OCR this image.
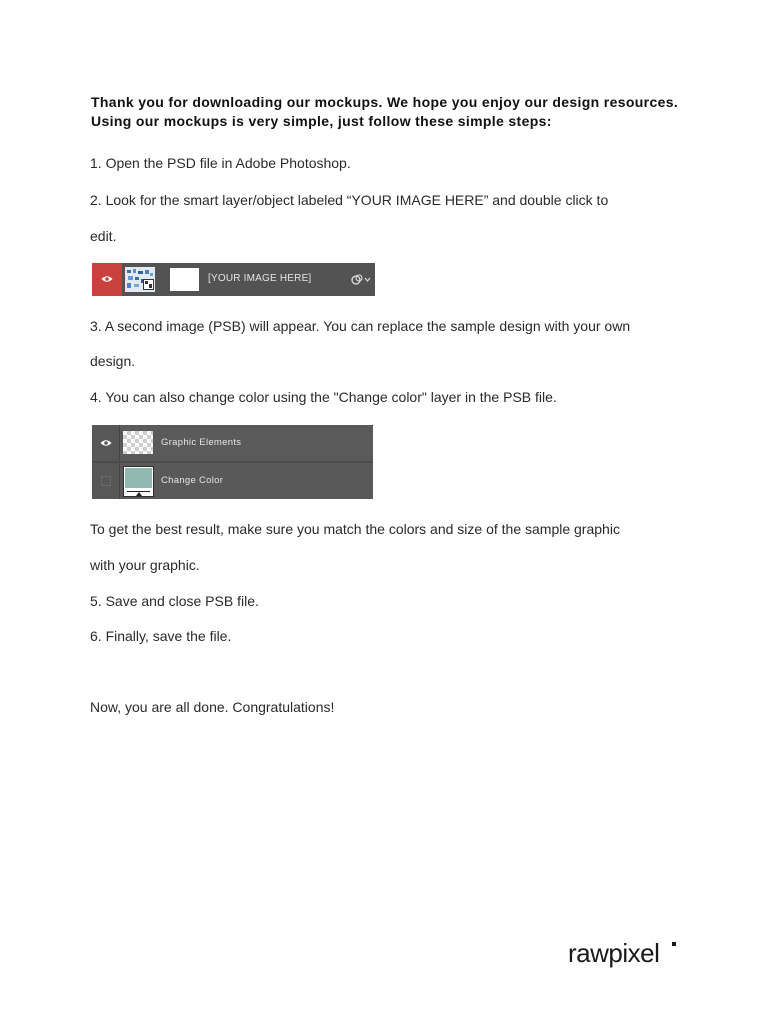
Thank you for downloading our mockups. We hope you enjoy our design resources. Using our mockups is very simple, just follow these simple steps:
1. Open the PSD file in Adobe Photoshop.
2. Look for the smart layer/object labeled “YOUR IMAGE HERE” and double click to
edit.
[YOUR IMAGE HERE]
3. A second image (PSB) will appear. You can replace the sample design with your own
design.
4. You can also change color using the "Change color" layer in the PSB file.
Graphic Elements
Change Color
To get the best result, make sure you match the colors and size of the sample graphic
with your graphic.
5. Save and close PSB file.
6. Finally, save the file.
Now, you are all done. Congratulations!
rawpixel
